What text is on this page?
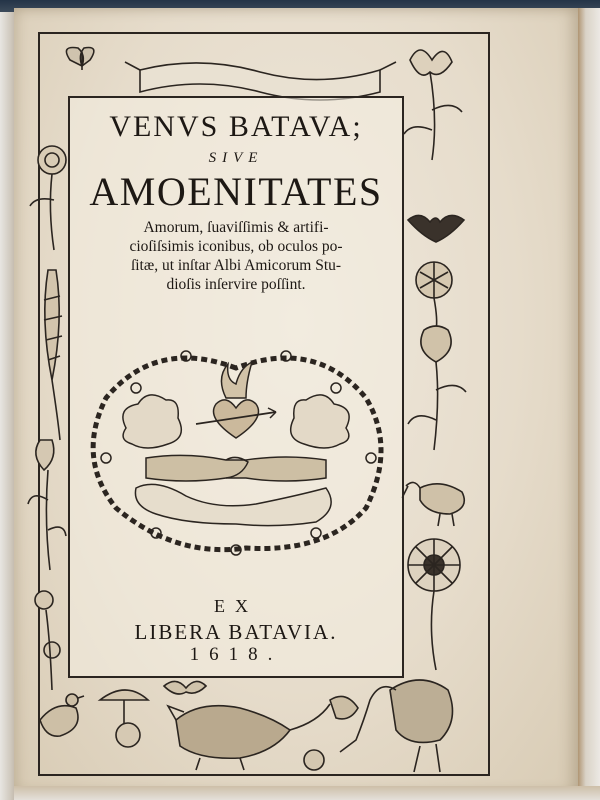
VENVS BATAVA;
SIVE
AMOENITATES
Amorum, ſuaviſſimis & artifi-
cioſiſsimis iconibus, ob oculos po-
ſitæ, ut inſtar Albi Amicorum Stu-
dioſis inſervire poſſint.
EX
LIBERA BATAVIA.
1618.
